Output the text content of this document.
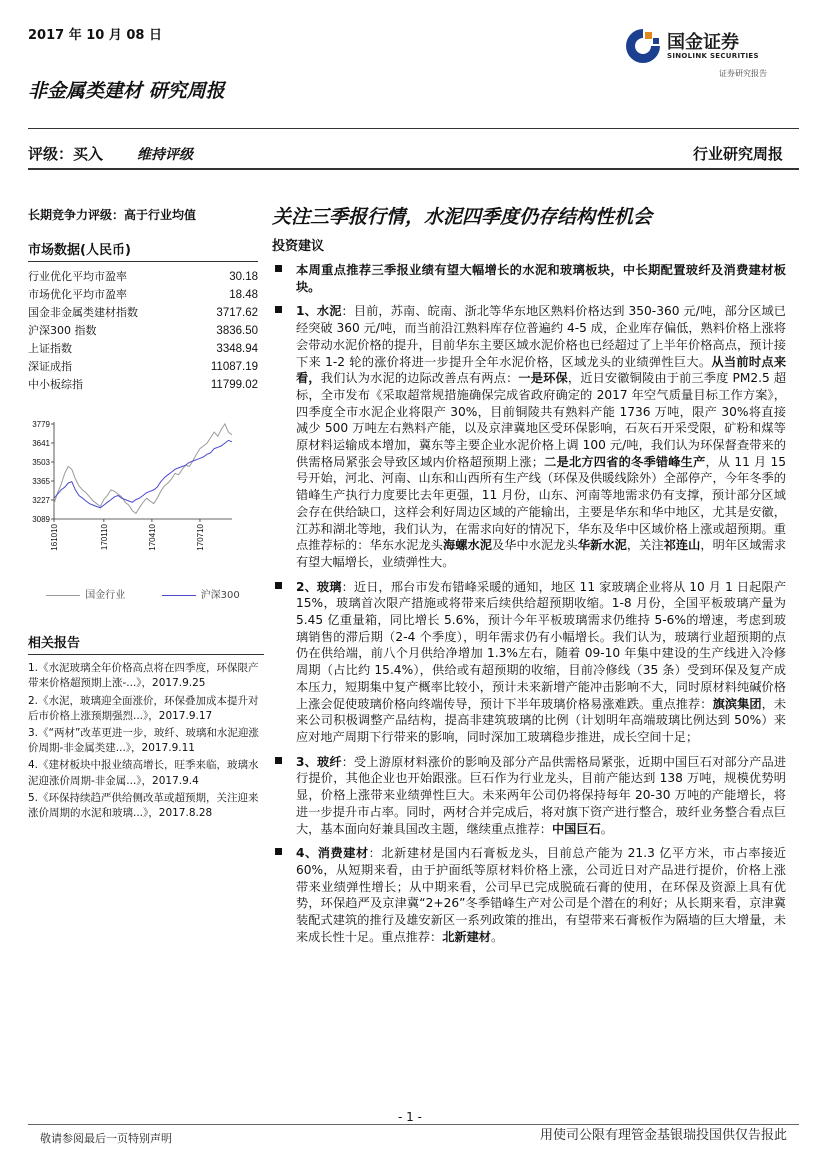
2017 年 10 月 08 日	国金证券
SINOLINK SECURITIES
证券研究报告
非金属类建材 研究周报
评级：买入 维持评级	行业研究周报
长期竞争力评级：高于行业均值
市场数据(人民币)
行业优化平均市盈率	30.18
市场优化平均市盈率	18.48
国金非金属类建材指数	3717.62
沪深300 指数	3836.50
上证指数	3348.94
深证成指	11087.19
中小板综指	11799.02
3779
3641
3503
3365
3227
3089
161010	170110	170410	170710
国金行业	沪深300
相关报告
1.《水泥玻璃全年价格高点将在四季度，环保限产带来价格超预期上涨-...》，2017.9.25
2.《水泥，玻璃迎全面涨价，环保叠加成本提升对后市价格上涨预期强烈...》，2017.9.17
3.《“两材”改革更进一步，玻纤、玻璃和水泥迎涨价周期-非金属类建...》，2017.9.11
4.《建材板块中报业绩高增长，旺季来临，玻璃水泥迎涨价周期-非金属...》，2017.9.4
5.《环保持续趋严供给侧改革或超预期，关注迎来涨价周期的水泥和玻璃...》，2017.8.28
关注三季报行情，水泥四季度仍存结构性机会
投资建议
本周重点推荐三季报业绩有望大幅增长的水泥和玻璃板块，中长期配置玻纤及消费建材板块。
1、水泥：目前，苏南、皖南、浙北等华东地区熟料价格达到 350-360 元/吨，部分区域已经突破 360 元/吨，而当前沿江熟料库存位普遍约 4-5 成，企业库存偏低，熟料价格上涨将会带动水泥价格的提升，目前华东主要区域水泥价格也已经超过了上半年价格高点，预计接下来 1-2 轮的涨价将进一步提升全年水泥价格，区域龙头的业绩弹性巨大。从当前时点来看，我们认为水泥的边际改善点有两点：一是环保，近日安徽铜陵由于前三季度 PM2.5 超标，全市发布《采取超常规措施确保完成省政府确定的 2017 年空气质量目标工作方案》，四季度全市水泥企业将限产 30%，目前铜陵共有熟料产能 1736 万吨，限产 30%将直接减少 500 万吨左右熟料产能，以及京津冀地区受环保影响，石灰石开采受限，矿粉和煤等原材料运输成本增加，冀东等主要企业水泥价格上调 100 元/吨，我们认为环保督查带来的供需格局紧张会导致区域内价格超预期上涨；二是北方四省的冬季错峰生产，从 11 月 15 号开始，河北、河南、山东和山西所有生产线（环保及供暖线除外）全部停产，今年冬季的错峰生产执行力度要比去年更强，11 月份，山东、河南等地需求仍有支撑，预计部分区域会存在供给缺口，这样会利好周边区域的产能输出，主要是华东和华中地区，尤其是安徽，江苏和湖北等地，我们认为，在需求向好的情况下，华东及华中区域价格上涨或超预期。重点推荐标的：华东水泥龙头海螺水泥及华中水泥龙头华新水泥，关注祁连山，明年区域需求有望大幅增长，业绩弹性大。
2、玻璃：近日，邢台市发布错峰采暖的通知，地区 11 家玻璃企业将从 10 月 1 日起限产 15%，玻璃首次限产措施或将带来后续供给超预期收缩。1-8 月份，全国平板玻璃产量为 5.45 亿重量箱，同比增长 5.6%，预计今年平板玻璃需求仍维持 5-6%的增速，考虑到玻璃销售的滞后期（2-4 个季度），明年需求仍有小幅增长。我们认为，玻璃行业超预期的点仍在供给端，前八个月供给净增加 1.3%左右，随着 09-10 年集中建设的生产线进入冷修周期（占比约 15.4%），供给或有超预期的收缩，目前冷修线（35 条）受到环保及复产成本压力，短期集中复产概率比较小，预计未来新增产能冲击影响不大，同时原材料纯碱价格上涨会促使玻璃价格向终端传导，预计下半年玻璃价格易涨难跌。重点推荐：旗滨集团，未来公司积极调整产品结构，提高非建筑玻璃的比例（计划明年高端玻璃比例达到 50%）来应对地产周期下行带来的影响，同时深加工玻璃稳步推进，成长空间十足；
3、玻纤：受上游原材料涨价的影响及部分产品供需格局紧张，近期中国巨石对部分产品进行提价，其他企业也开始跟涨。巨石作为行业龙头，目前产能达到 138 万吨，规模优势明显，价格上涨带来业绩弹性巨大。未来两年公司仍将保持每年 20-30 万吨的产能增长，将进一步提升市占率。同时，两材合并完成后，将对旗下资产进行整合，玻纤业务整合看点巨大，基本面向好兼具国改主题，继续重点推荐：中国巨石。
4、消费建材：北新建材是国内石膏板龙头，目前总产能为 21.3 亿平方米，市占率接近 60%，从短期来看，由于护面纸等原材料价格上涨，公司近日对产品进行提价，价格上涨带来业绩弹性增长；从中期来看，公司早已完成脱硫石膏的使用，在环保及资源上具有优势，环保趋严及京津冀“2+26”冬季错峰生产对公司是个潜在的利好；从长期来看，京津冀装配式建筑的推行及雄安新区一系列政策的推出，有望带来石膏板作为隔墙的巨大增量，未来成长性十足。重点推荐：北新建材。
- 1 -
敬请参阅最后一页特别声明	用使司公限有理管金基银瑞投国供仅告报此
